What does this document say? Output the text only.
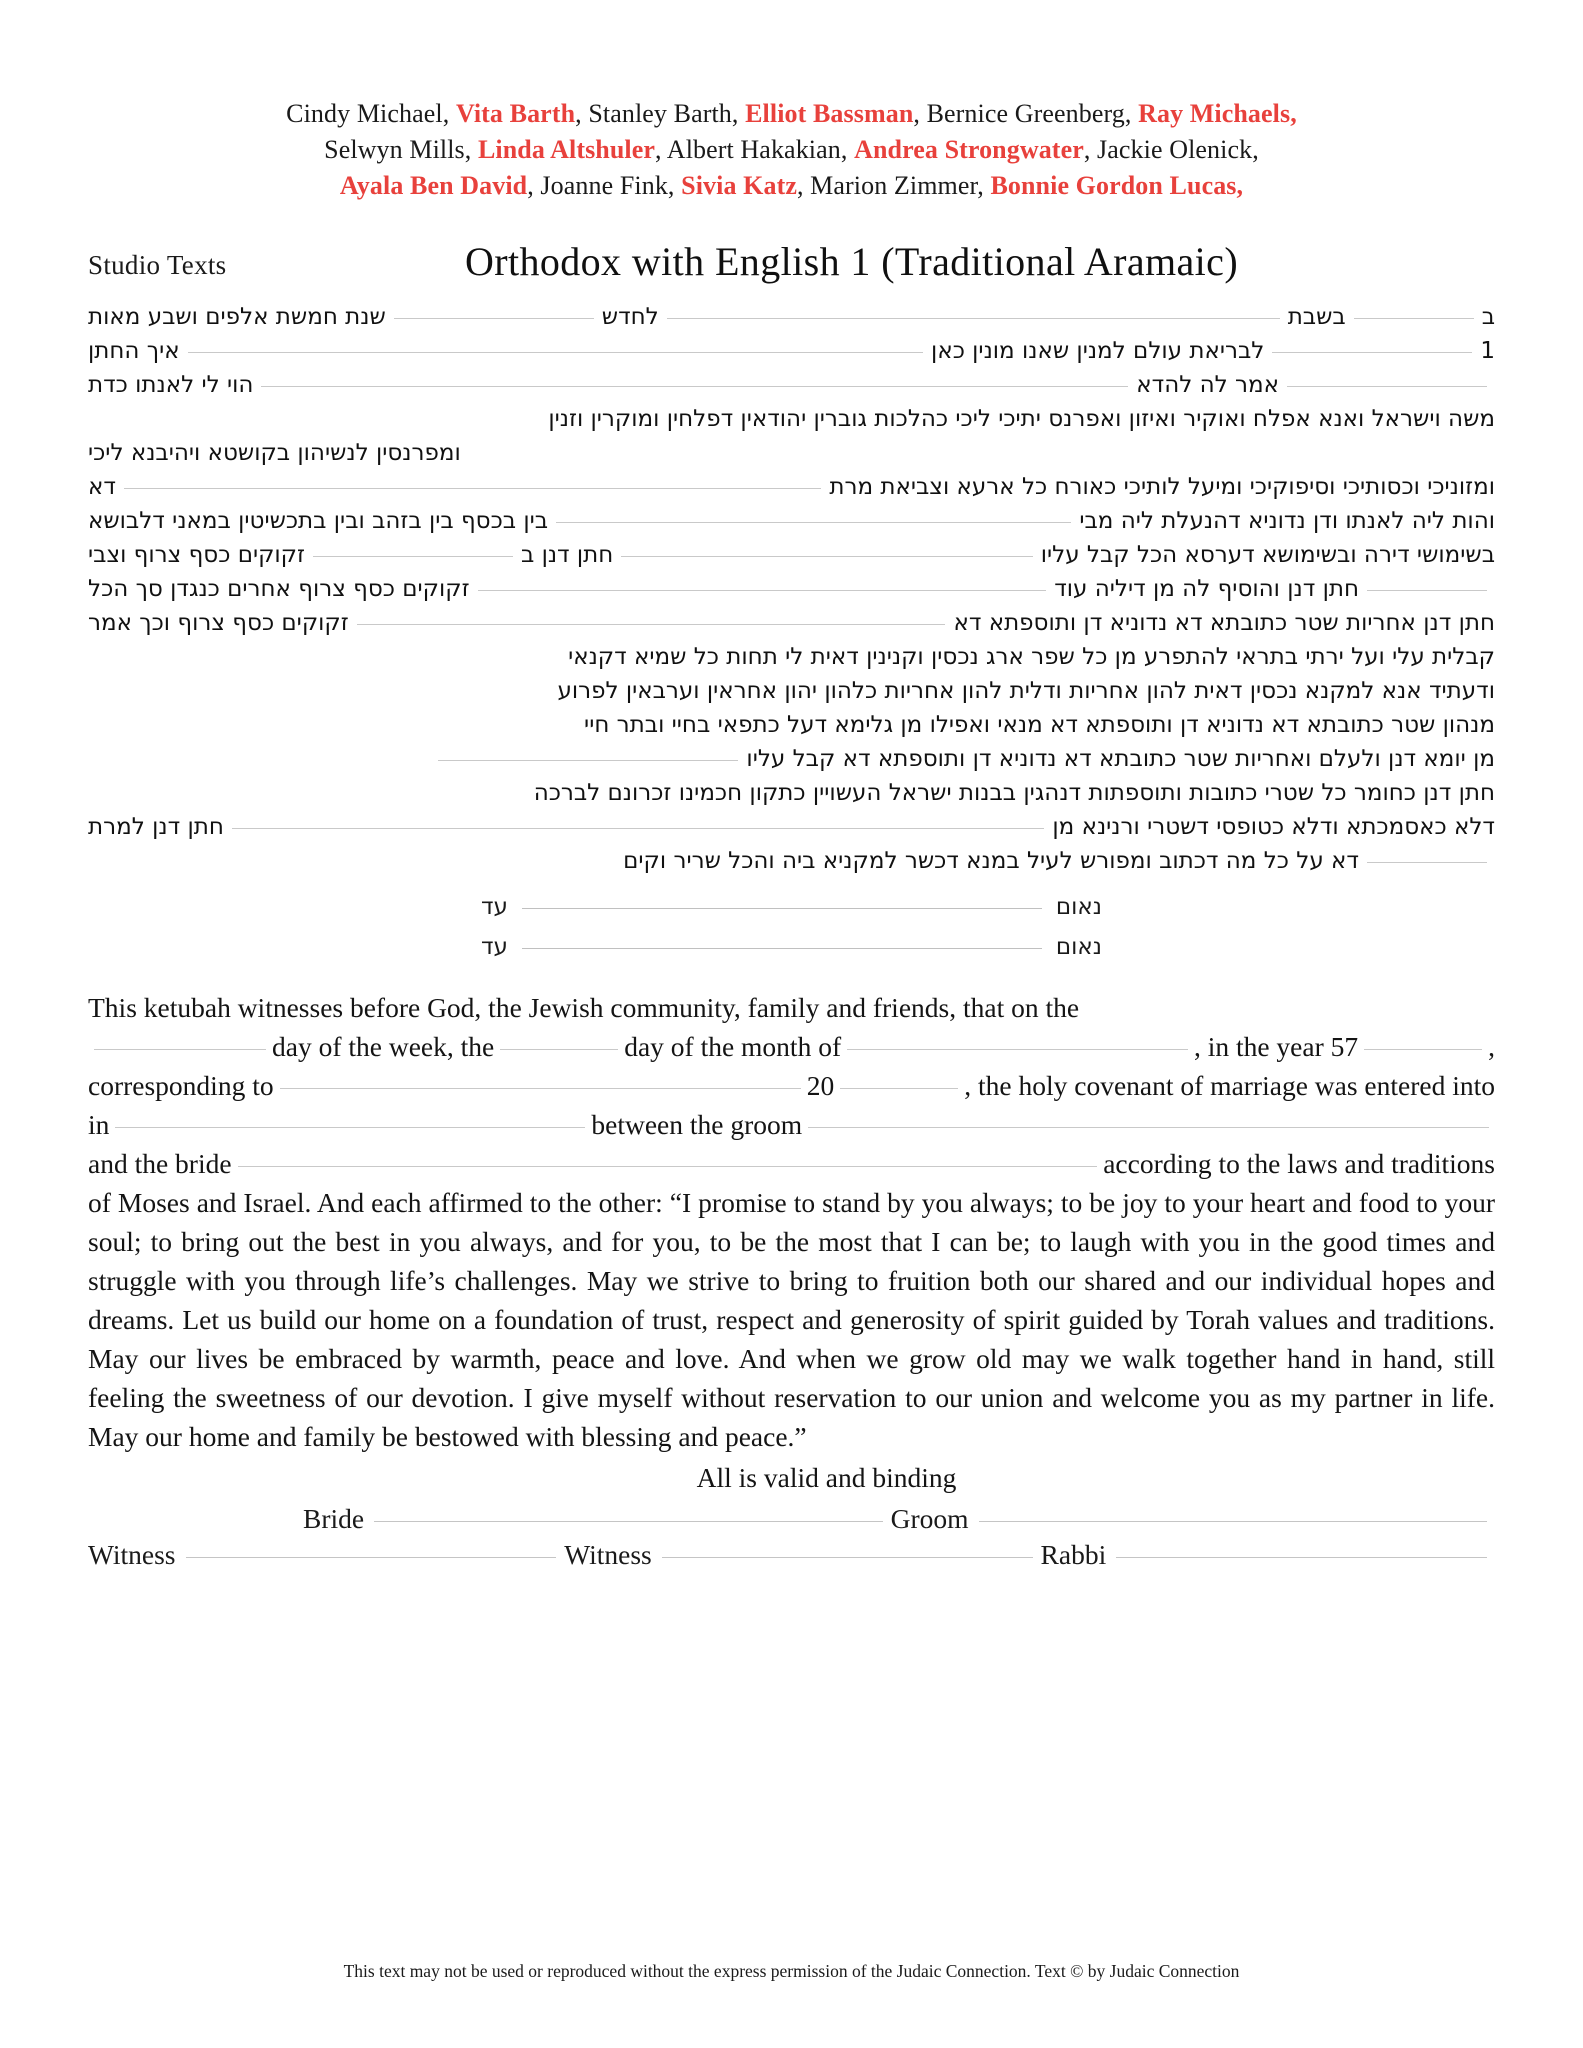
Cindy Michael, Vita Barth, Stanley Barth, Elliot Bassman, Bernice Greenberg, Ray Michaels,
Selwyn Mills, Linda Altshuler, Albert Hakakian, Andrea Strongwater, Jackie Olenick,
Ayala Ben David, Joanne Fink, Sivia Katz, Marion Zimmer, Bonnie Gordon Lucas,
Studio Texts	Orthodox with English 1 (Traditional Aramaic)
ב
בשבת
לחדש
שנת חמשת אלפים ושבע מאות
1
לבריאת עולם למנין שאנו מונין כאן
איך החתן
אמר לה להדא
הוי לי לאנתו כדת
משה וישראל ואנא אפלח ואוקיר ואיזון ואפרנס יתיכי ליכי כהלכות גוברין יהודאין דפלחין ומוקרין וזנין
ומפרנסין לנשיהון בקושטא ויהיבנא ליכי
ומזוניכי וכסותיכי וסיפוקיכי ומיעל לותיכי כאורח כל ארעא וצביאת מרת
דא
והות ליה לאנתו ודן נדוניא דהנעלת ליה מבי
בין בכסף בין בזהב ובין בתכשיטין במאני דלבושא
בשימושי דירה ובשימושא דערסא הכל קבל עליו
חתן דנן ב
זקוקים כסף צרוף וצבי
חתן דנן והוסיף לה מן דיליה עוד
זקוקים כסף צרוף אחרים כנגדן סך הכל
חתן דנן אחריות שטר כתובתא דא נדוניא דן ותוספתא דא
זקוקים כסף צרוף וכך אמר
קבלית עלי ועל ירתי בתראי להתפרע מן כל שפר ארג נכסין וקנינין דאית לי תחות כל שמיא דקנאי
ודעתיד אנא למקנא נכסין דאית להון אחריות ודלית להון אחריות כלהון יהון אחראין וערבאין לפרוע
מנהון שטר כתובתא דא נדוניא דן ותוספתא דא מנאי ואפילו מן גלימא דעל כתפאי בחיי ובתר חיי
מן יומא דנן ולעלם ואחריות שטר כתובתא דא נדוניא דן ותוספתא דא קבל עליו
חתן דנן כחומר כל שטרי כתובות ותוספתות דנהגין בבנות ישראל העשויין כתקון חכמינו זכרונם לברכה
דלא כאסמכתא ודלא כטופסי דשטרי ורנינא מן
חתן דנן למרת
דא על כל מה דכתוב ומפורש לעיל במנא דכשר למקניא ביה והכל שריר וקים
נאום
עד
נאום
עד
This ketubah witnesses before God, the Jewish community, family and friends, that on the
day of the week, the	day of the month of	, in the year 57	,
corresponding to	20	, the holy covenant of marriage was entered into
in	between the groom
and the bride	according to the laws and traditions

of Moses and Israel. And each affirmed to the other: “I promise to stand by you always; to be joy to your heart and food to your soul; to bring out the best in you always, and for you, to be the most that I can be; to laugh with you in the good times and struggle with you through life’s challenges. May we strive to bring to fruition both our shared and our individual hopes and dreams. Let us build our home on a foundation of trust, respect and generosity of spirit guided by Torah values and traditions. May our lives be embraced by warmth, peace and love. And when we grow old may we walk together hand in hand, still feeling the sweetness of our devotion. I give myself without reservation to our union and welcome you as my partner in life. May our home and family be bestowed with blessing and peace.”

All is valid and binding
Bride	Groom
Witness	Witness	Rabbi
This text may not be used or reproduced without the express permission of the Judaic Connection. Text © by Judaic Connection
